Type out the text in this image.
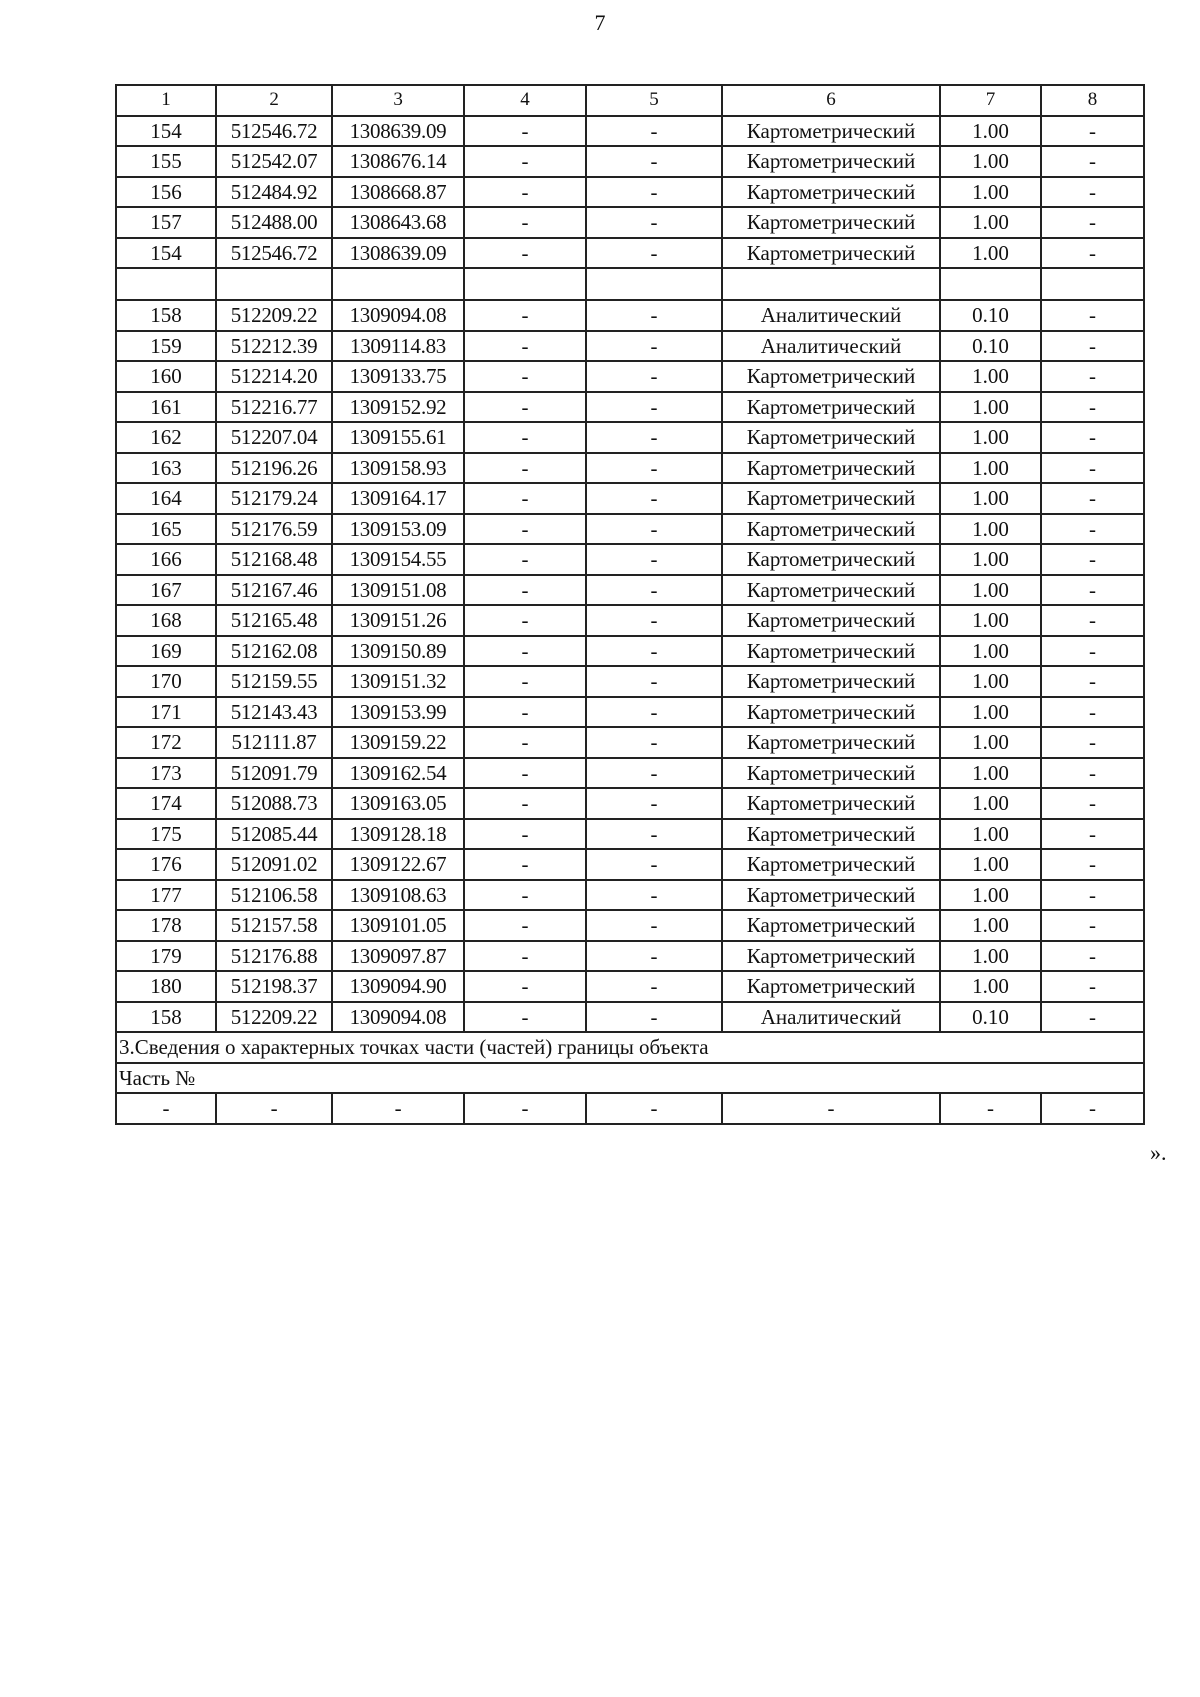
7
1	2	3	4	5	6	7	8
154	512546.72	1308639.09	-	-	Картометрический	1.00	-
155	512542.07	1308676.14	-	-	Картометрический	1.00	-
156	512484.92	1308668.87	-	-	Картометрический	1.00	-
157	512488.00	1308643.68	-	-	Картометрический	1.00	-
154	512546.72	1308639.09	-	-	Картометрический	1.00	-

158	512209.22	1309094.08	-	-	Аналитический	0.10	-
159	512212.39	1309114.83	-	-	Аналитический	0.10	-
160	512214.20	1309133.75	-	-	Картометрический	1.00	-
161	512216.77	1309152.92	-	-	Картометрический	1.00	-
162	512207.04	1309155.61	-	-	Картометрический	1.00	-
163	512196.26	1309158.93	-	-	Картометрический	1.00	-
164	512179.24	1309164.17	-	-	Картометрический	1.00	-
165	512176.59	1309153.09	-	-	Картометрический	1.00	-
166	512168.48	1309154.55	-	-	Картометрический	1.00	-
167	512167.46	1309151.08	-	-	Картометрический	1.00	-
168	512165.48	1309151.26	-	-	Картометрический	1.00	-
169	512162.08	1309150.89	-	-	Картометрический	1.00	-
170	512159.55	1309151.32	-	-	Картометрический	1.00	-
171	512143.43	1309153.99	-	-	Картометрический	1.00	-
172	512111.87	1309159.22	-	-	Картометрический	1.00	-
173	512091.79	1309162.54	-	-	Картометрический	1.00	-
174	512088.73	1309163.05	-	-	Картометрический	1.00	-
175	512085.44	1309128.18	-	-	Картометрический	1.00	-
176	512091.02	1309122.67	-	-	Картометрический	1.00	-
177	512106.58	1309108.63	-	-	Картометрический	1.00	-
178	512157.58	1309101.05	-	-	Картометрический	1.00	-
179	512176.88	1309097.87	-	-	Картометрический	1.00	-
180	512198.37	1309094.90	-	-	Картометрический	1.00	-
158	512209.22	1309094.08	-	-	Аналитический	0.10	-
3.Сведения о характерных точках части (частей) границы объекта							
Часть №							
-	-	-	-	-	-	-	-
».
